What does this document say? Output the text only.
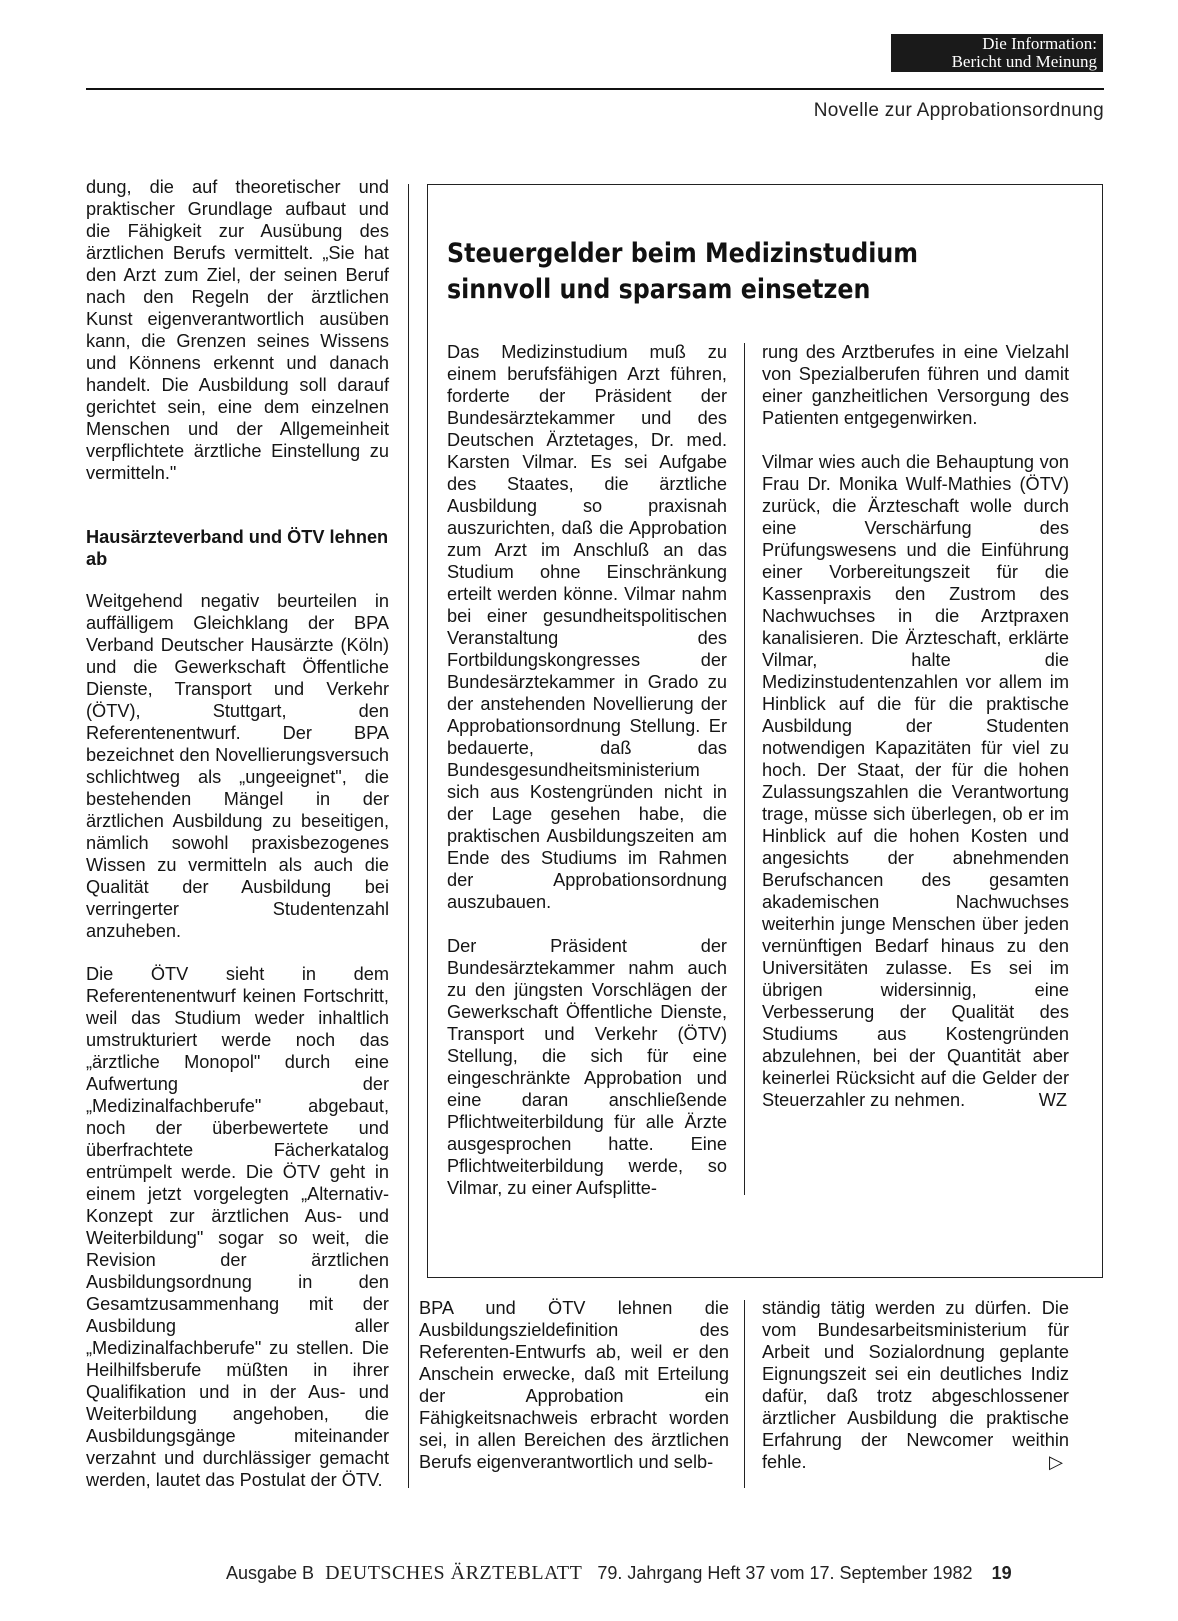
Die Information:
Bericht und Meinung
Novelle zur Approbationsordnung

dung, die auf theoretischer und praktischer Grundlage aufbaut und die Fähigkeit zur Ausübung des ärztlichen Berufs vermittelt. „Sie hat den Arzt zum Ziel, der seinen Beruf nach den Regeln der ärztlichen Kunst eigenverantwortlich ausüben kann, die Grenzen seines Wissens und Könnens erkennt und danach handelt. Die Ausbildung soll darauf gerichtet sein, eine dem einzelnen Menschen und der Allgemeinheit verpflichtete ärztliche Einstellung zu vermitteln."

Hausärzteverband und ÖTV lehnen ab

Weitgehend negativ beurteilen in auffälligem Gleichklang der BPA Verband Deutscher Hausärzte (Köln) und die Gewerkschaft Öffentliche Dienste, Transport und Verkehr (ÖTV), Stuttgart, den Referentenentwurf. Der BPA bezeichnet den Novellierungsversuch schlichtweg als „ungeeignet", die bestehenden Mängel in der ärztlichen Ausbildung zu beseitigen, nämlich sowohl praxisbezogenes Wissen zu vermitteln als auch die Qualität der Ausbildung bei verringerter Studentenzahl anzuheben.

Die ÖTV sieht in dem Referentenentwurf keinen Fortschritt, weil das Studium weder inhaltlich umstrukturiert werde noch das „ärztliche Monopol" durch eine Aufwertung der „Medizinalfachberufe" abgebaut, noch der überbewertete und überfrachtete Fächerkatalog entrümpelt werde. Die ÖTV geht in einem jetzt vorgelegten „Alternativ-Konzept zur ärztlichen Aus- und Weiterbildung" sogar so weit, die Revision der ärztlichen Ausbildungsordnung in den Gesamtzusammenhang mit der Ausbildung aller „Medizinalfachberufe" zu stellen. Die Heilhilfsberufe müßten in ihrer Qualifikation und in der Aus- und Weiterbildung angehoben, die Ausbildungsgänge miteinander verzahnt und durchlässiger gemacht werden, lautet das Postulat der ÖTV.

Steuergelder beim Medizinstudium
sinnvoll und sparsam einsetzen

Das Medizinstudium muß zu einem berufsfähigen Arzt führen, forderte der Präsident der Bundesärztekammer und des Deutschen Ärztetages, Dr. med. Karsten Vilmar. Es sei Aufgabe des Staates, die ärztliche Ausbildung so praxisnah auszurichten, daß die Approbation zum Arzt im Anschluß an das Studium ohne Einschränkung erteilt werden könne. Vilmar nahm bei einer gesundheitspolitischen Veranstaltung des Fortbildungskongresses der Bundesärztekammer in Grado zu der anstehenden Novellierung der Approbationsordnung Stellung. Er bedauerte, daß das Bundesgesundheitsministerium sich aus Kostengründen nicht in der Lage gesehen habe, die praktischen Ausbildungszeiten am Ende des Studiums im Rahmen der Approbationsordnung auszubauen.

Der Präsident der Bundesärztekammer nahm auch zu den jüngsten Vorschlägen der Gewerkschaft Öffentliche Dienste, Transport und Verkehr (ÖTV) Stellung, die sich für eine eingeschränkte Approbation und eine daran anschließende Pflichtweiterbildung für alle Ärzte ausgesprochen hatte. Eine Pflichtweiterbildung werde, so Vilmar, zu einer Aufsplitte-

rung des Arztberufes in eine Vielzahl von Spezialberufen führen und damit einer ganzheitlichen Versorgung des Patienten entgegenwirken.

Vilmar wies auch die Behauptung von Frau Dr. Monika Wulf-Mathies (ÖTV) zurück, die Ärzteschaft wolle durch eine Verschärfung des Prüfungswesens und die Einführung einer Vorbereitungszeit für die Kassenpraxis den Zustrom des Nachwuchses in die Arztpraxen kanalisieren. Die Ärzteschaft, erklärte Vilmar, halte die Medizinstudentenzahlen vor allem im Hinblick auf die für die praktische Ausbildung der Studenten notwendigen Kapazitäten für viel zu hoch. Der Staat, der für die hohen Zulassungszahlen die Verantwortung trage, müsse sich überlegen, ob er im Hinblick auf die hohen Kosten und angesichts der abnehmenden Berufschancen des gesamten akademischen Nachwuchses weiterhin junge Menschen über jeden vernünftigen Bedarf hinaus zu den Universitäten zulasse. Es sei im übrigen widersinnig, eine Verbesserung der Qualität des Studiums aus Kostengründen abzulehnen, bei der Quantität aber keinerlei Rücksicht auf die Gelder der Steuerzahler zu nehmen.	WZ

BPA und ÖTV lehnen die Ausbildungszieldefinition des Referenten-Entwurfs ab, weil er den Anschein erwecke, daß mit Erteilung der Approbation ein Fähigkeitsnachweis erbracht worden sei, in allen Bereichen des ärztlichen Berufs eigenverantwortlich und selb-

ständig tätig werden zu dürfen. Die vom Bundesarbeitsministerium für Arbeit und Sozialordnung geplante Eignungszeit sei ein deutliches Indiz dafür, daß trotz abgeschlossener ärztlicher Ausbildung die praktische Erfahrung der Newcomer weithin fehle.	▷

Ausgabe B DEUTSCHES ÄRZTEBLATT 79. Jahrgang Heft 37 vom 17. September 1982 19
